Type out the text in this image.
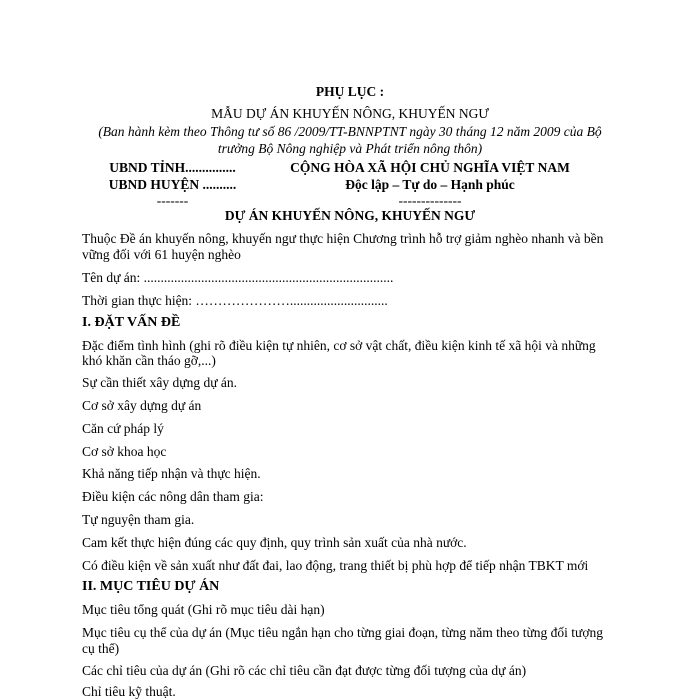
PHỤ LỤC :
MẪU DỰ ÁN KHUYẾN NÔNG, KHUYẾN NGƯ
(Ban hành kèm theo Thông tư số 86 /2009/TT-BNNPTNT ngày 30 tháng 12 năm 2009 của Bộ
trưởng Bộ Nông nghiệp và Phát triển nông thôn)
UBND TỈNH...............
UBND HUYỆN ..........
-------
CỘNG HÒA XÃ HỘI CHỦ NGHĨA VIỆT NAM
Độc lập – Tự do – Hạnh phúc
--------------
DỰ ÁN KHUYẾN NÔNG, KHUYẾN NGƯ
Thuộc Đề án khuyến nông, khuyến ngư thực hiện Chương trình hỗ trợ giảm nghèo nhanh và bền
vững đối với 61 huyện nghèo
Tên dự án: ..........................................................................
Thời gian thực hiện: ………………….............................
I. ĐẶT VẤN ĐỀ
Đặc điểm tình hình (ghi rõ điều kiện tự nhiên, cơ sở vật chất, điều kiện kinh tế xã hội và những
khó khăn cần tháo gỡ,...)
Sự cần thiết xây dựng dự án.
Cơ sở xây dựng dự án
Căn cứ pháp lý
Cơ sở khoa học
Khả năng tiếp nhận và thực hiện.
Điều kiện các nông dân tham gia:
Tự nguyện tham gia.
Cam kết thực hiện đúng các quy định, quy trình sản xuất của nhà nước.
Có điều kiện về sản xuất như đất đai, lao động, trang thiết bị phù hợp để tiếp nhận TBKT mới
II. MỤC TIÊU DỰ ÁN
Mục tiêu tổng quát (Ghi rõ mục tiêu dài hạn)
Mục tiêu cụ thể của dự án (Mục tiêu ngắn hạn cho từng giai đoạn, từng năm theo từng đối tượng
cụ thể)
Các chỉ tiêu của dự án (Ghi rõ các chỉ tiêu cần đạt được từng đối tượng của dự án)
Chỉ tiêu kỹ thuật.
